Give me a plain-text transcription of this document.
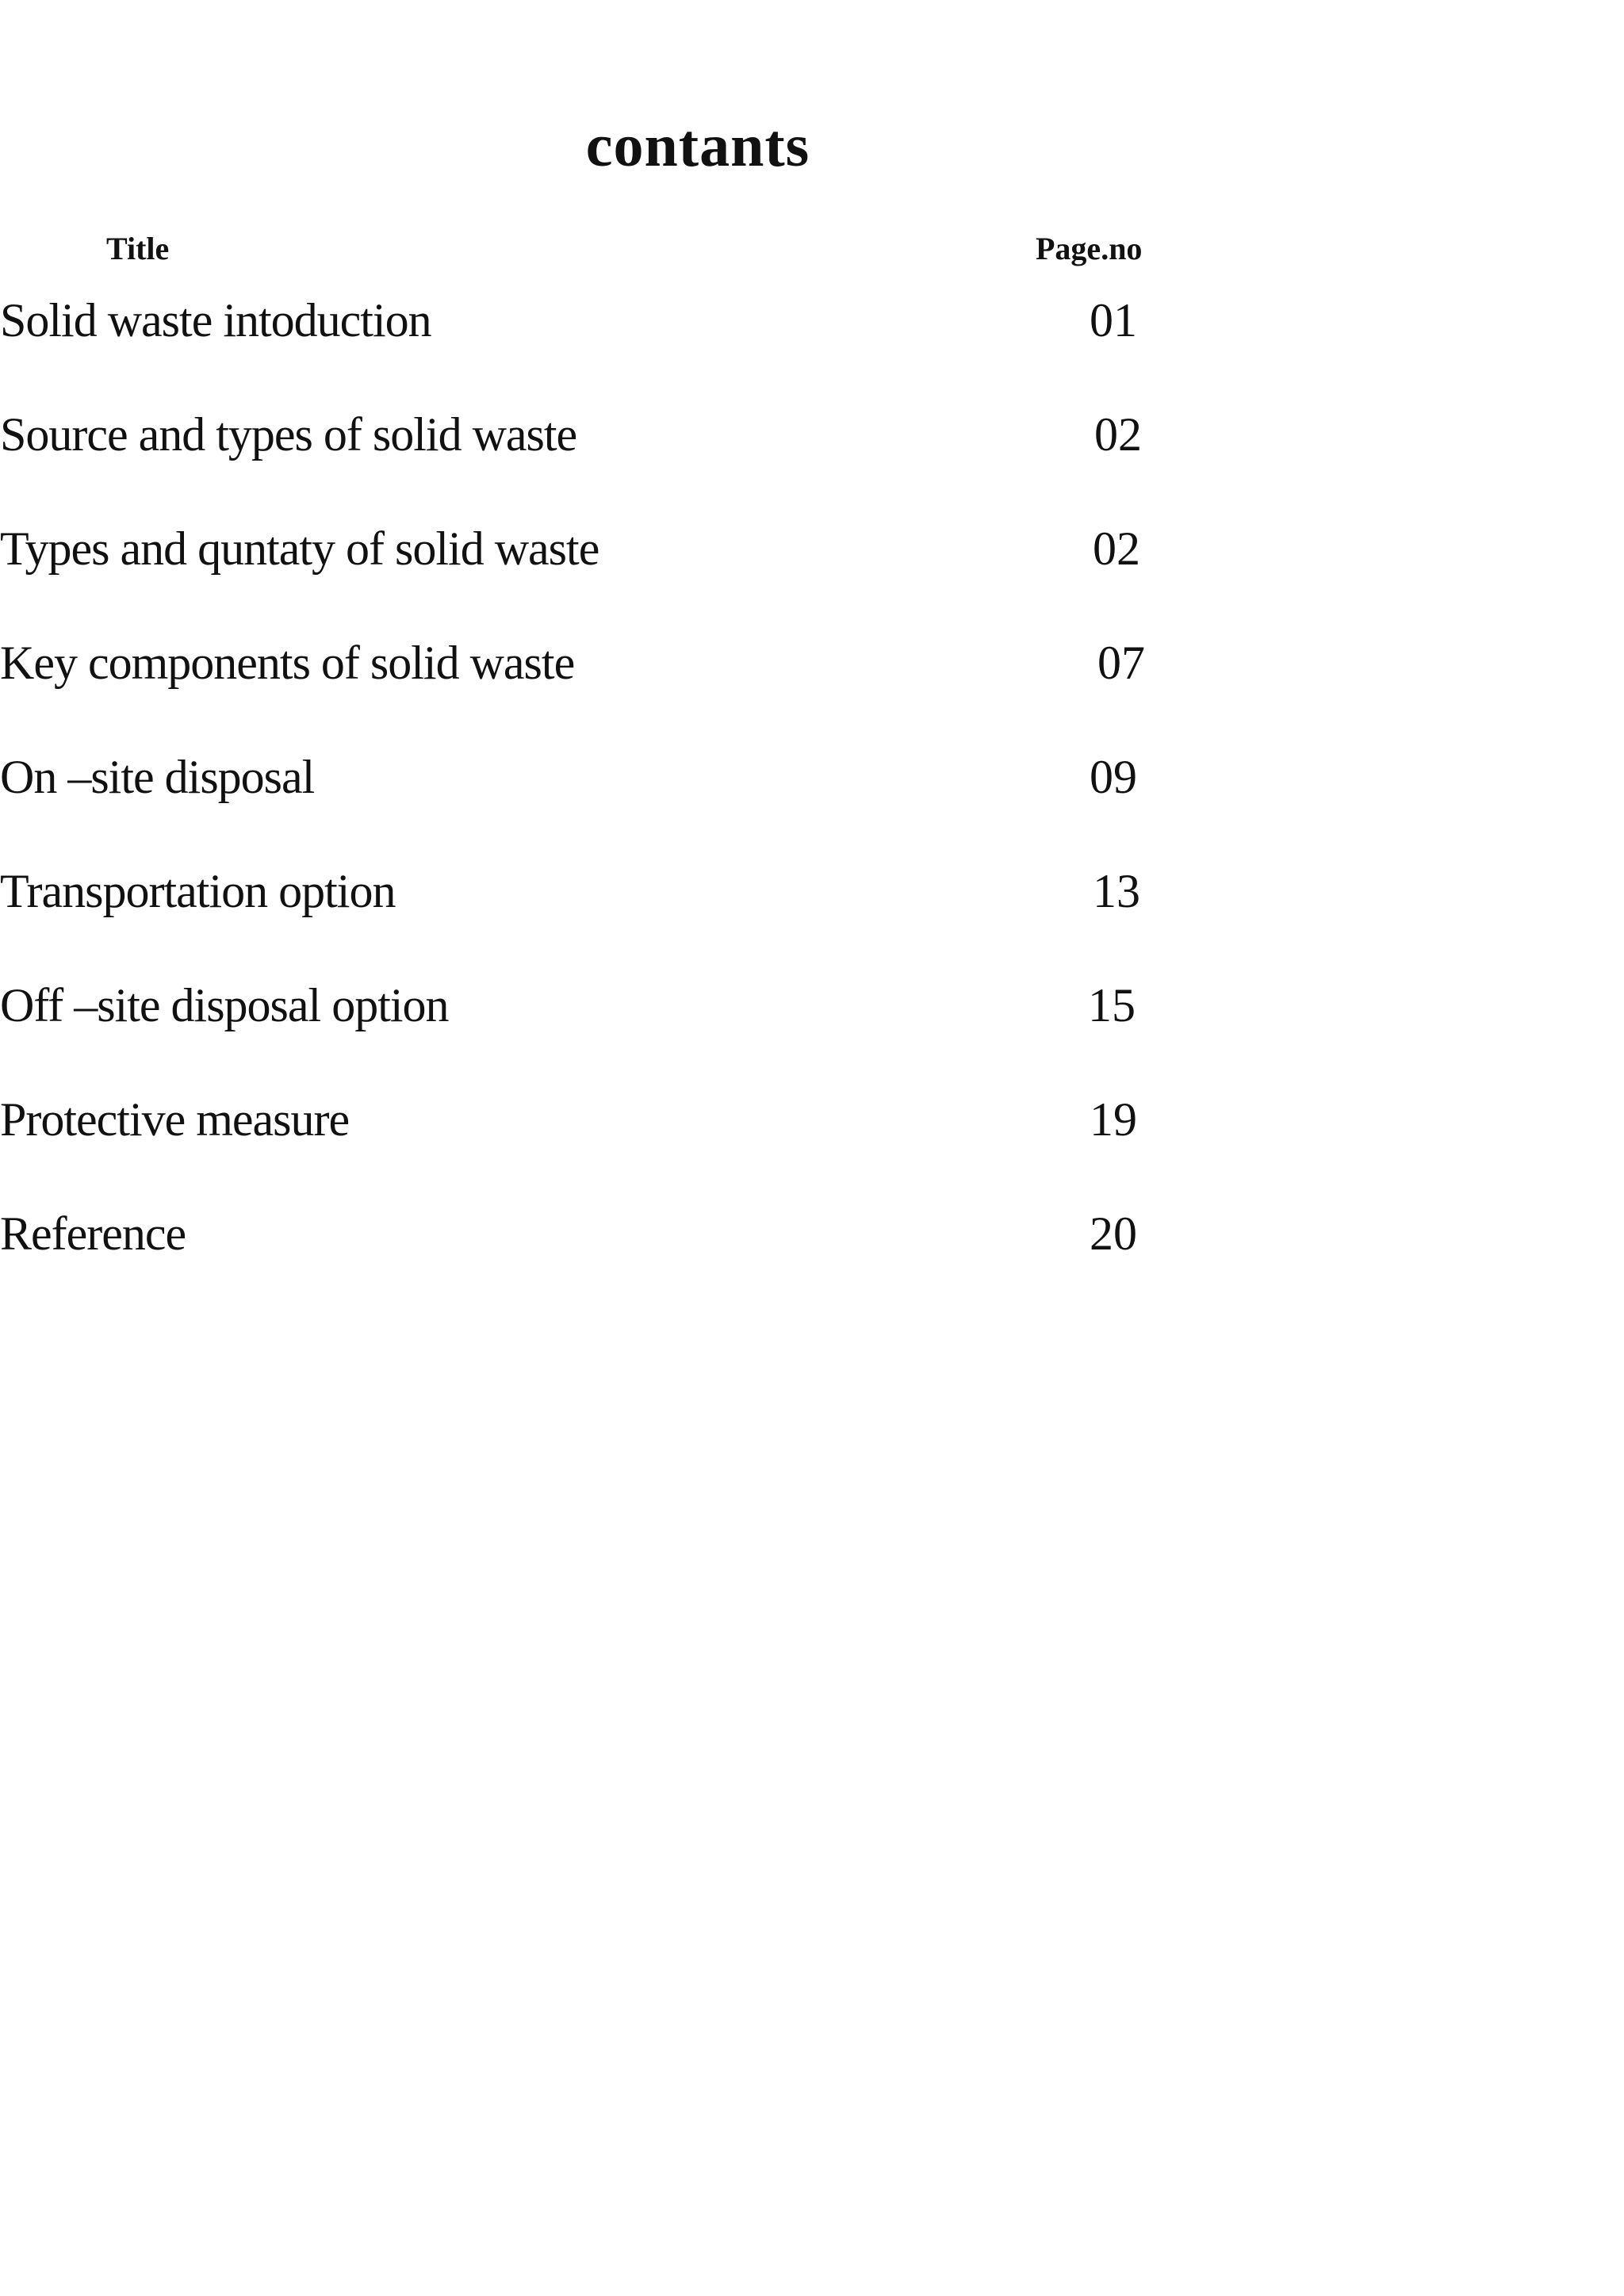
contants
Title	Page.no
Solid waste intoduction	01
Source and types of solid waste	02
Types and quntaty of solid waste	02
Key components of solid waste	07
On –site disposal	09
Transportation option	13
Off –site disposal option	15
Protective measure	19
Reference	20
